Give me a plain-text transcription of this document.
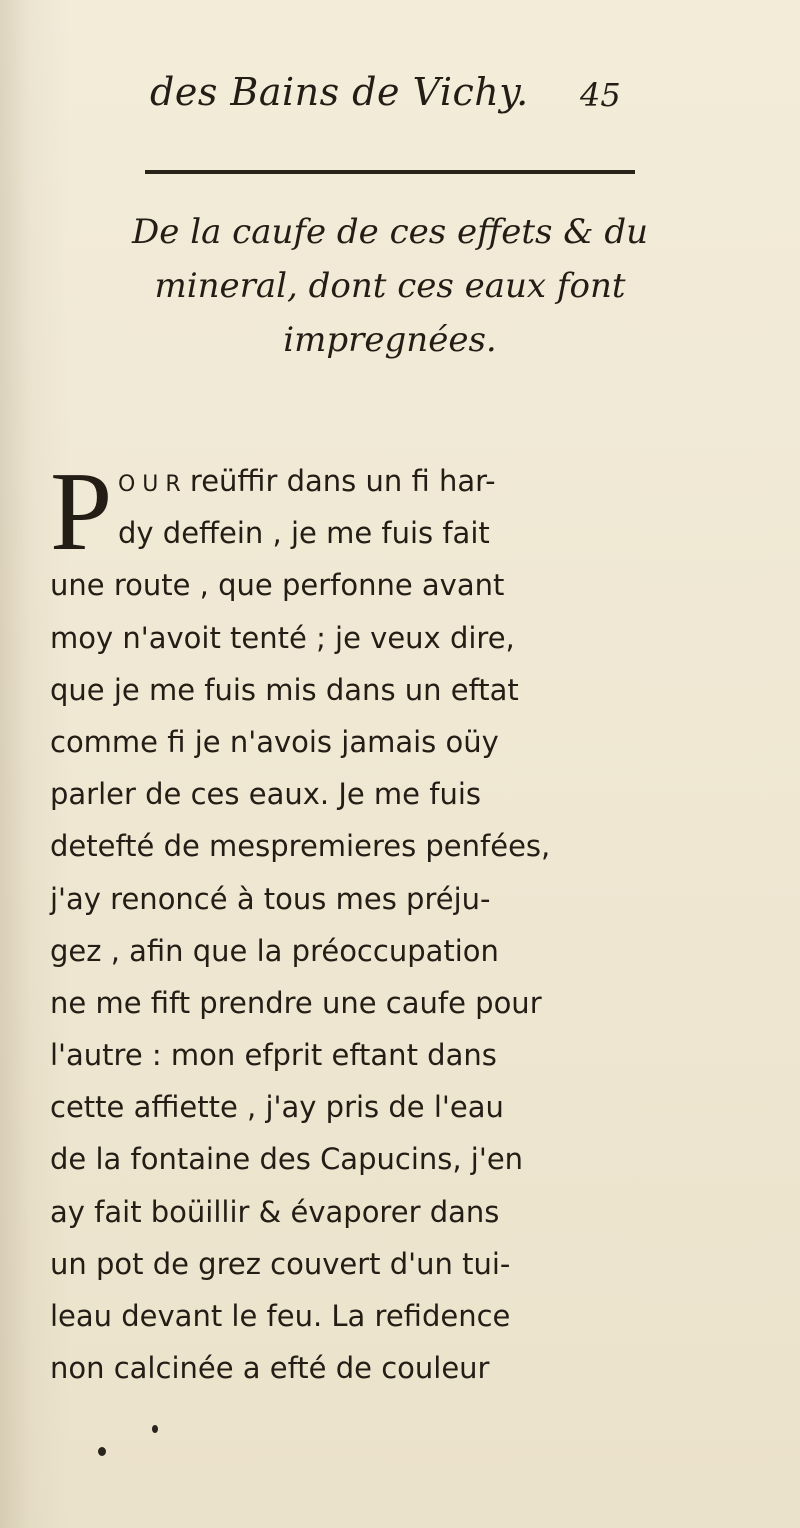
des Bains de Vichy. 45
De la caufe de ces effets & du
mineral, dont ces eaux font
impregnées.
P O U R reüffir dans un fi har-
dy deffein , je me fuis fait
une route , que perfonne avant
moy n'avoit tenté ; je veux dire,
que je me fuis mis dans un eftat
comme fi je n'avois jamais oüy
parler de ces eaux. Je me fuis
detefté de mespremieres penfées,
j'ay renoncé à tous mes préju-
gez , afin que la préoccupation
ne me fift prendre une caufe pour
l'autre : mon efprit eftant dans
cette affiette , j'ay pris de l'eau
de la fontaine des Capucins, j'en
ay fait boüillir & évaporer dans
un pot de grez couvert d'un tui-
leau devant le feu. La refidence
non calcinée a efté de couleur
